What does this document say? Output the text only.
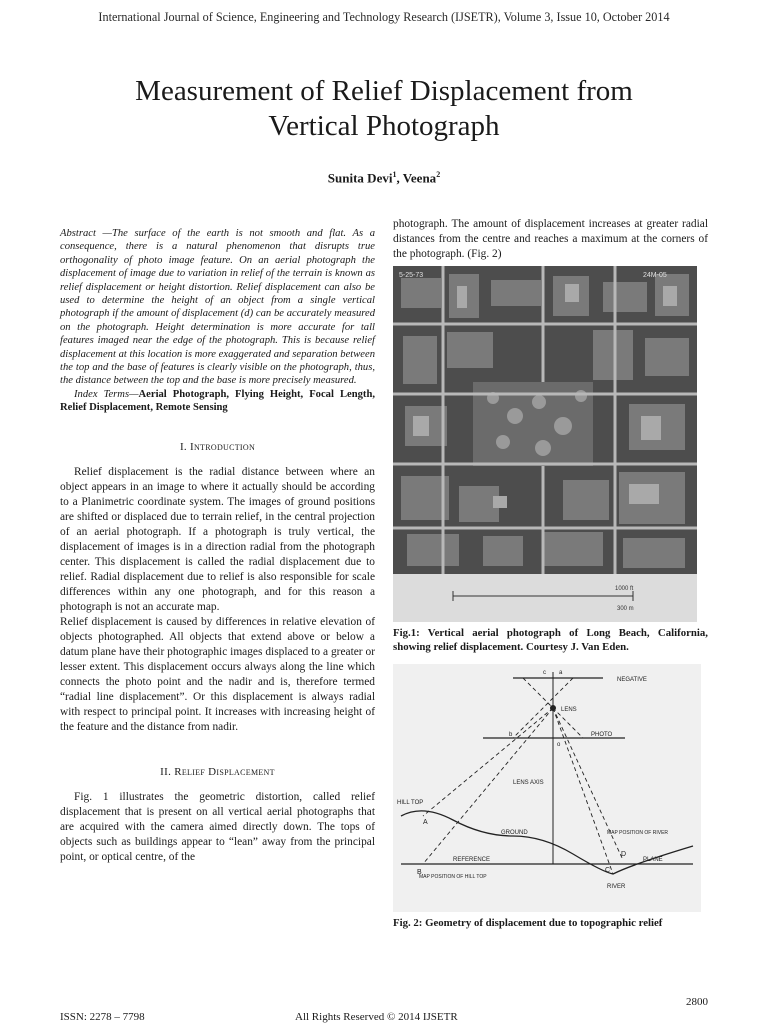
International Journal of Science, Engineering and Technology Research (IJSETR), Volume 3, Issue 10, October 2014
Measurement of Relief Displacement from
Vertical Photograph
Sunita Devi$^1$, Veena$^2$

Abstract —The surface of the earth is not smooth and flat. As a consequence, there is a natural phenomenon that disrupts true orthogonality of photo image feature. On an aerial photograph the displacement of image due to variation in relief of the terrain is known as relief displacement or height distortion. Relief displacement can also be used to determine the height of an object from a single vertical photograph if the amount of displacement (d) can be accurately measured on the photograph. Height determination is more accurate for tall features imaged near the edge of the photograph. This is because relief displacement at this location is more exaggerated and separation between the top and the base of features is clearly visible on the photograph, thus, the distance between the top and the base is more precisely measured.

Index Terms—Aerial Photograph, Flying Height, Focal Length, Relief Displacement, Remote Sensing

I. Introduction

Relief displacement is the radial distance between where an object appears in an image to where it actually should be according to a Planimetric coordinate system. The images of ground positions are shifted or displaced due to terrain relief, in the central projection of an aerial photograph. If a photograph is truly vertical, the displacement of images is in a direction radial from the photograph center. This displacement is called the radial displacement due to relief. Radial displacement due to relief is also responsible for scale differences within any one photograph, and for this reason a photograph is not an accurate map.

Relief displacement is caused by differences in relative elevation of objects photographed. All objects that extend above or below a datum plane have their photographic images displaced to a greater or lesser extent. This displacement occurs always along the line which connects the photo point and the nadir and is, therefore termed “radial line displacement”. Or this displacement is always radial with respect to principal point. It increases with increasing height of the feature and the distance from nadir.

II. Relief Displacement

Fig. 1 illustrates the geometric distortion, called relief displacement that is present on all vertical aerial photographs that are acquired with the camera aimed directly down. The tops of objects such as buildings appear to “lean” away from the principal point, or optical centre, of the

photograph. The amount of displacement increases at greater radial distances from the centre and reaches a maximum at the corners of the photograph. (Fig. 2)

5-25-73	24M-05
1000 ft
300 m

Fig.1: Vertical aerial photograph of Long Beach, California, showing relief displacement. Courtesy J. Van Eden.

NEGATIVE
c a
LENS
PHOTO
b
o
LENS AXIS
GROUND
REFERENCE	PLANE
HILL TOP
A
B
MAP POSITION OF HILL TOP
C
D
MAP POSITION OF RIVER
RIVER

Fig. 2: Geometry of displacement due to topographic relief

2800
ISSN: 2278 – 7798	All Rights Reserved © 2014 IJSETR
